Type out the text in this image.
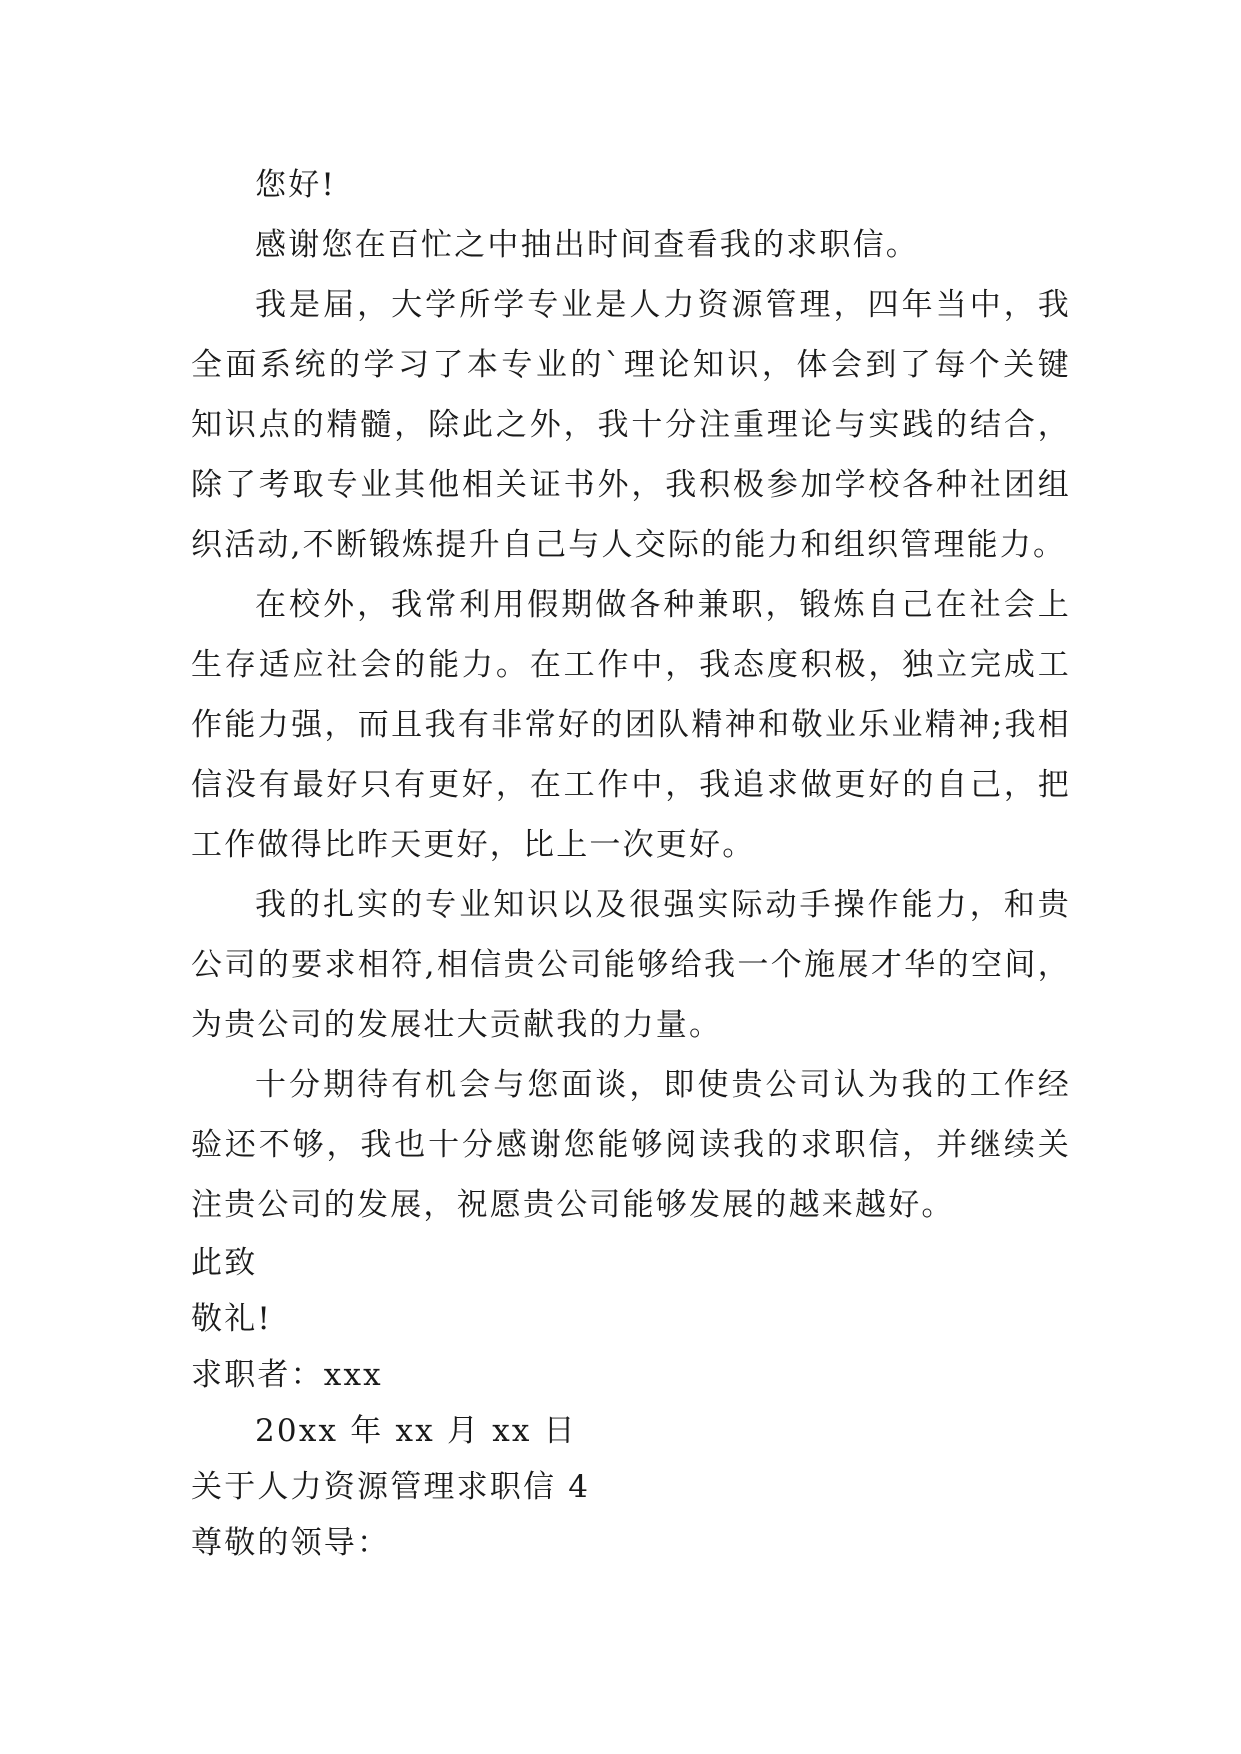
您好!

感谢您在百忙之中抽出时间查看我的求职信。

我是届，大学所学专业是人力资源管理，四年当中，我全面系统的学习了本专业的`理论知识，体会到了每个关键知识点的精髓，除此之外，我十分注重理论与实践的结合，除了考取专业其他相关证书外，我积极参加学校各种社团组织活动,不断锻炼提升自己与人交际的能力和组织管理能力。

在校外，我常利用假期做各种兼职，锻炼自己在社会上生存适应社会的能力。在工作中，我态度积极，独立完成工作能力强，而且我有非常好的团队精神和敬业乐业精神;我相信没有最好只有更好，在工作中，我追求做更好的自己，把工作做得比昨天更好，比上一次更好。

我的扎实的专业知识以及很强实际动手操作能力，和贵公司的要求相符,相信贵公司能够给我一个施展才华的空间，为贵公司的发展壮大贡献我的力量。

十分期待有机会与您面谈，即使贵公司认为我的工作经验还不够，我也十分感谢您能够阅读我的求职信，并继续关注贵公司的发展，祝愿贵公司能够发展的越来越好。

此致

敬礼!

求职者：xxx

20xx 年 xx 月 xx 日

关于人力资源管理求职信 4

尊敬的领导：
